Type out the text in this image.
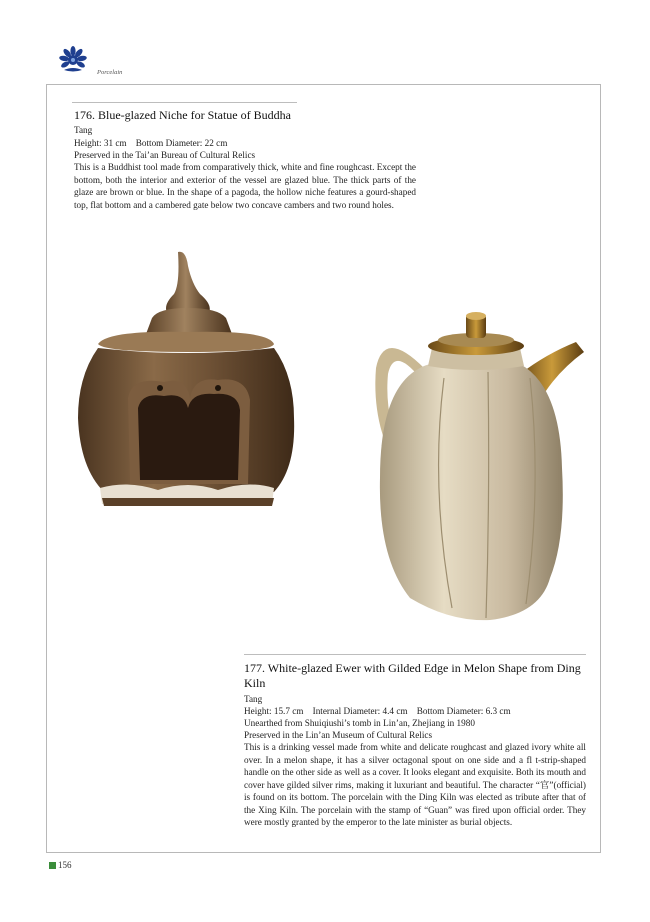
Porcelain
176. Blue-glazed Niche for Statue of Buddha
Tang
Height: 31 cm    Bottom Diameter: 22 cm
Preserved in the Tai’an Bureau of Cultural Relics
This is a Buddhist tool made from comparatively thick, white and fine roughcast. Except the bottom, both the interior and exterior of the vessel are glazed blue. The thick parts of the glaze are brown or blue. In the shape of a pagoda, the hollow niche features a gourd-shaped top, flat bottom and a cambered gate below two concave cambers and two round holes.
177. White-glazed Ewer with Gilded Edge in Melon Shape from Ding Kiln
Tang
Height: 15.7 cm    Internal Diameter: 4.4 cm    Bottom Diameter: 6.3 cm
Unearthed from Shuiqiushi’s tomb in Lin’an, Zhejiang in 1980
Preserved in the Lin’an Museum of Cultural Relics
This is a drinking vessel made from white and delicate roughcast and glazed ivory white all over. In a melon shape, it has a silver octagonal spout on one side and a fl t-strip-shaped handle on the other side as well as a cover. It looks elegant and exquisite. Both its mouth and cover have gilded silver rims, making it luxuriant and beautiful. The character “官”(official) is found on its bottom. The porcelain with the Ding Kiln was elected as tribute after that of the Xing Kiln. The porcelain with the stamp of “Guan” was fired upon official order. They were mostly granted by the emperor to the late minister as burial objects.
156
